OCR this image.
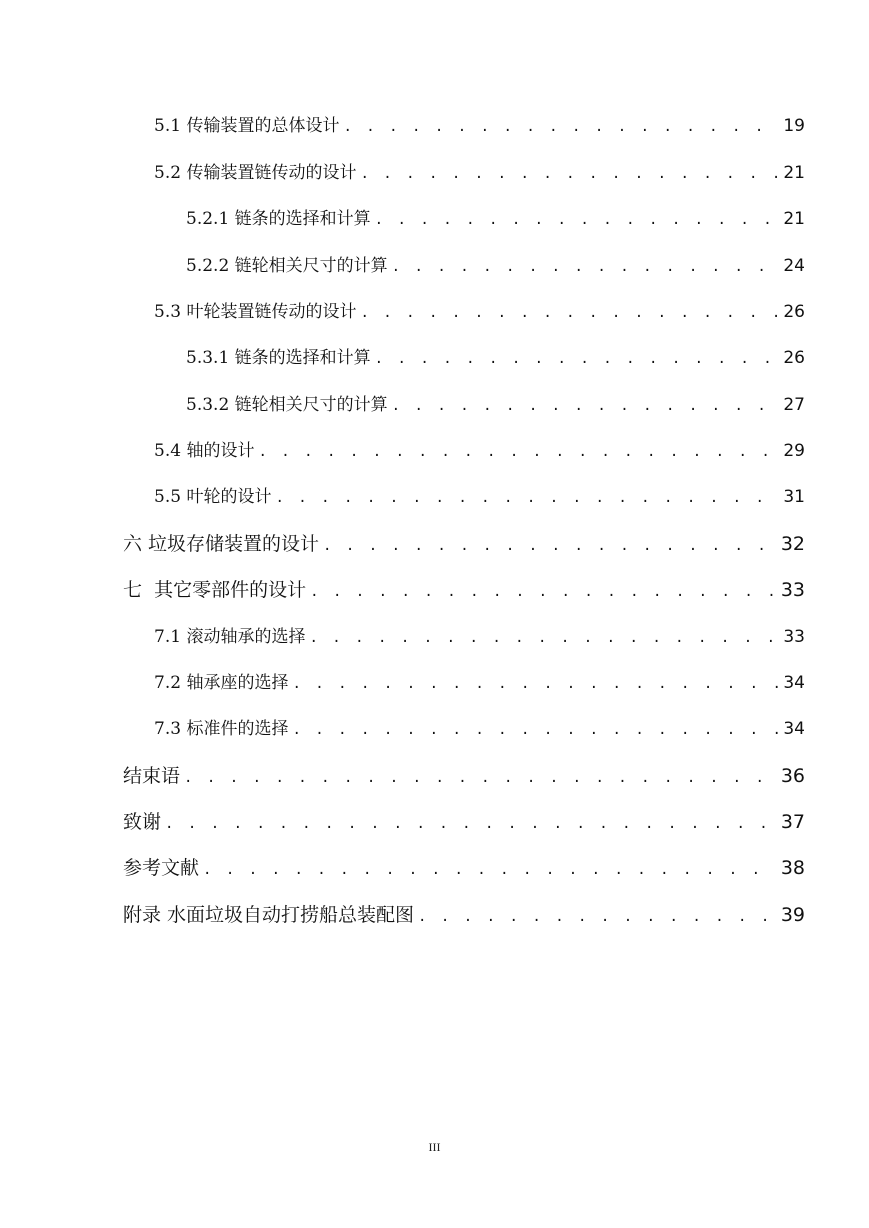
5.1 传输装置的总体设计 . . .	19
5.2 传输装置链传动的设计 . . .	21
5.2.1 链条的选择和计算 . . .	21
5.2.2 链轮相关尺寸的计算 . . .	24
5.3 叶轮装置链传动的设计 . . .	26
5.3.1 链条的选择和计算 . . .	26
5.3.2 链轮相关尺寸的计算 . . .	27
5.4 轴的设计 . . .	29
5.5 叶轮的设计 . . .	31
六 垃圾存储装置的设计 . . .	32
七  其它零部件的设计 . . .	33
7.1 滚动轴承的选择 . . .	33
7.2 轴承座的选择 . . .	34
7.3 标准件的选择 . . .	34
结束语 . . .	36
致谢 . . .	37
参考文献 . . .	38
附录 水面垃圾自动打捞船总装配图 . . .	39
III
